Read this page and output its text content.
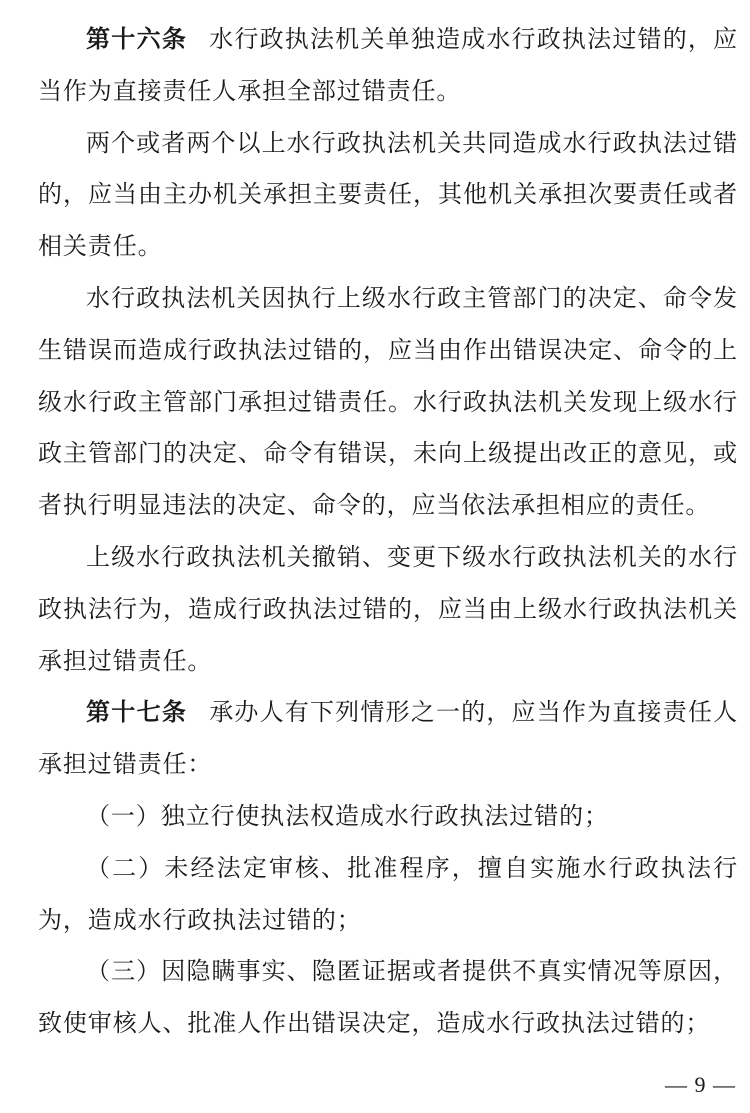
第十六条 水行政执法机关单独造成水行政执法过错的，应当作为直接责任人承担全部过错责任。

两个或者两个以上水行政执法机关共同造成水行政执法过错的，应当由主办机关承担主要责任，其他机关承担次要责任或者相关责任。

水行政执法机关因执行上级水行政主管部门的决定、命令发生错误而造成行政执法过错的，应当由作出错误决定、命令的上级水行政主管部门承担过错责任。水行政执法机关发现上级水行政主管部门的决定、命令有错误，未向上级提出改正的意见，或者执行明显违法的决定、命令的，应当依法承担相应的责任。

上级水行政执法机关撤销、变更下级水行政执法机关的水行政执法行为，造成行政执法过错的，应当由上级水行政执法机关承担过错责任。

第十七条 承办人有下列情形之一的，应当作为直接责任人承担过错责任：

（一）独立行使执法权造成水行政执法过错的；

（二）未经法定审核、批准程序，擅自实施水行政执法行为，造成水行政执法过错的；

（三）因隐瞒事实、隐匿证据或者提供不真实情况等原因，致使审核人、批准人作出错误决定，造成水行政执法过错的；

— 9 —
